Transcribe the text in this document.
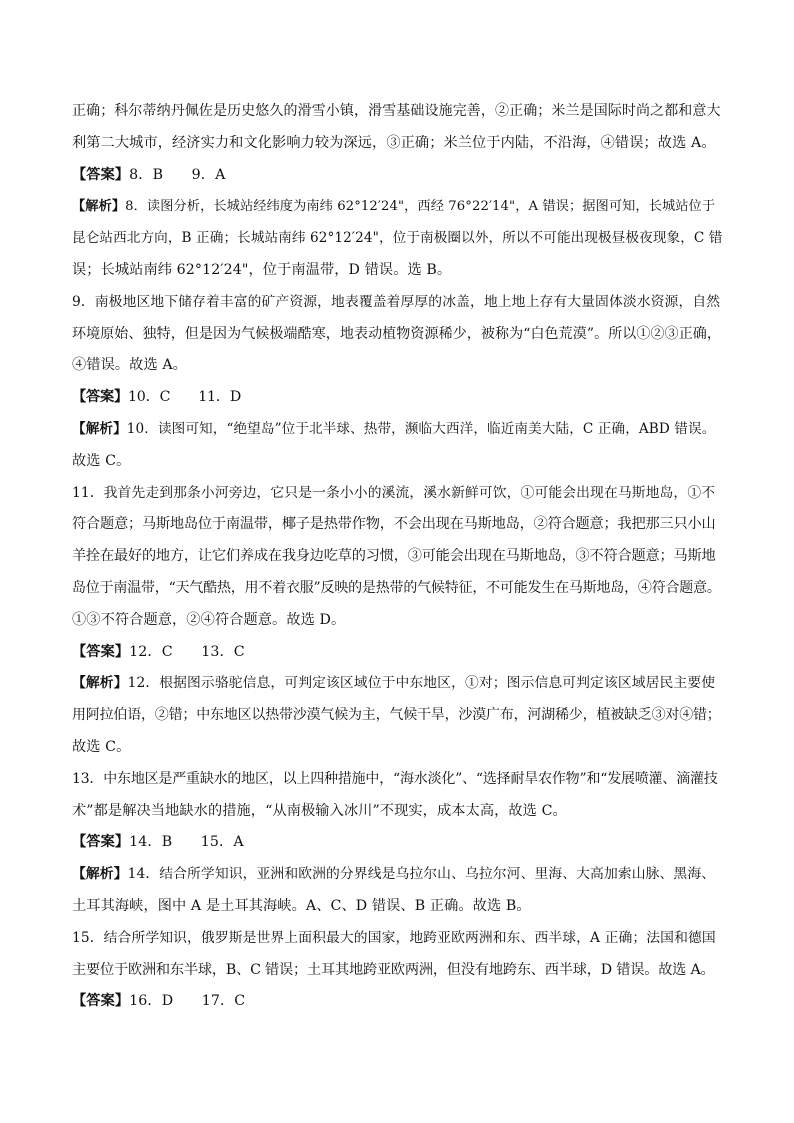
正确；科尔蒂纳丹佩佐是历史悠久的滑雪小镇，滑雪基础设施完善，②正确；米兰是国际时尚之都和意大
利第二大城市，经济实力和文化影响力较为深远，③正确；米兰位于内陆，不沿海，④错误；故选 A。
【答案】8．B　　9．A
【解析】8．读图分析，长城站经纬度为南纬 62°12′24"，西经 76°22′14"，A 错误；据图可知，长城站位于
昆仑站西北方向，B 正确；长城站南纬 62°12′24"，位于南极圈以外，所以不可能出现极昼极夜现象，C 错
误；长城站南纬 62°12′24"，位于南温带，D 错误。选 B。
9．南极地区地下储存着丰富的矿产资源，地表覆盖着厚厚的冰盖，地上地上存有大量固体淡水资源，自然
环境原始、独特，但是因为气候极端酷寒，地表动植物资源稀少，被称为“白色荒漠”。所以①②③正确，
④错误。故选 A。
【答案】10．C　　11．D
【解析】10．读图可知，“绝望岛”位于北半球、热带，濒临大西洋，临近南美大陆，C 正确，ABD 错误。
故选 C。
11．我首先走到那条小河旁边，它只是一条小小的溪流，溪水新鲜可饮，①可能会出现在马斯地岛，①不
符合题意；马斯地岛位于南温带，椰子是热带作物，不会出现在马斯地岛，②符合题意；我把那三只小山
羊拴在最好的地方，让它们养成在我身边吃草的习惯，③可能会出现在马斯地岛，③不符合题意；马斯地
岛位于南温带，“天气酷热，用不着衣服”反映的是热带的气候特征，不可能发生在马斯地岛，④符合题意。
①③不符合题意，②④符合题意。故选 D。
【答案】12．C　　13．C
【解析】12．根据图示骆驼信息，可判定该区域位于中东地区，①对；图示信息可判定该区域居民主要使
用阿拉伯语，②错；中东地区以热带沙漠气候为主，气候干旱，沙漠广布，河湖稀少，植被缺乏③对④错；
故选 C。
13．中东地区是严重缺水的地区，以上四种措施中，“海水淡化”、“选择耐旱农作物”和“发展喷灌、滴灌技
术”都是解决当地缺水的措施，“从南极输入冰川”不现实，成本太高，故选 C。
【答案】14．B　　15．A
【解析】14．结合所学知识，亚洲和欧洲的分界线是乌拉尔山、乌拉尔河、里海、大高加索山脉、黑海、
土耳其海峡，图中 A 是土耳其海峡。A、C、D 错误、B 正确。故选 B。
15．结合所学知识，俄罗斯是世界上面积最大的国家，地跨亚欧两洲和东、西半球，A 正确；法国和德国
主要位于欧洲和东半球，B、C 错误；土耳其地跨亚欧两洲，但没有地跨东、西半球，D 错误。故选 A。
【答案】16．D　　17．C
